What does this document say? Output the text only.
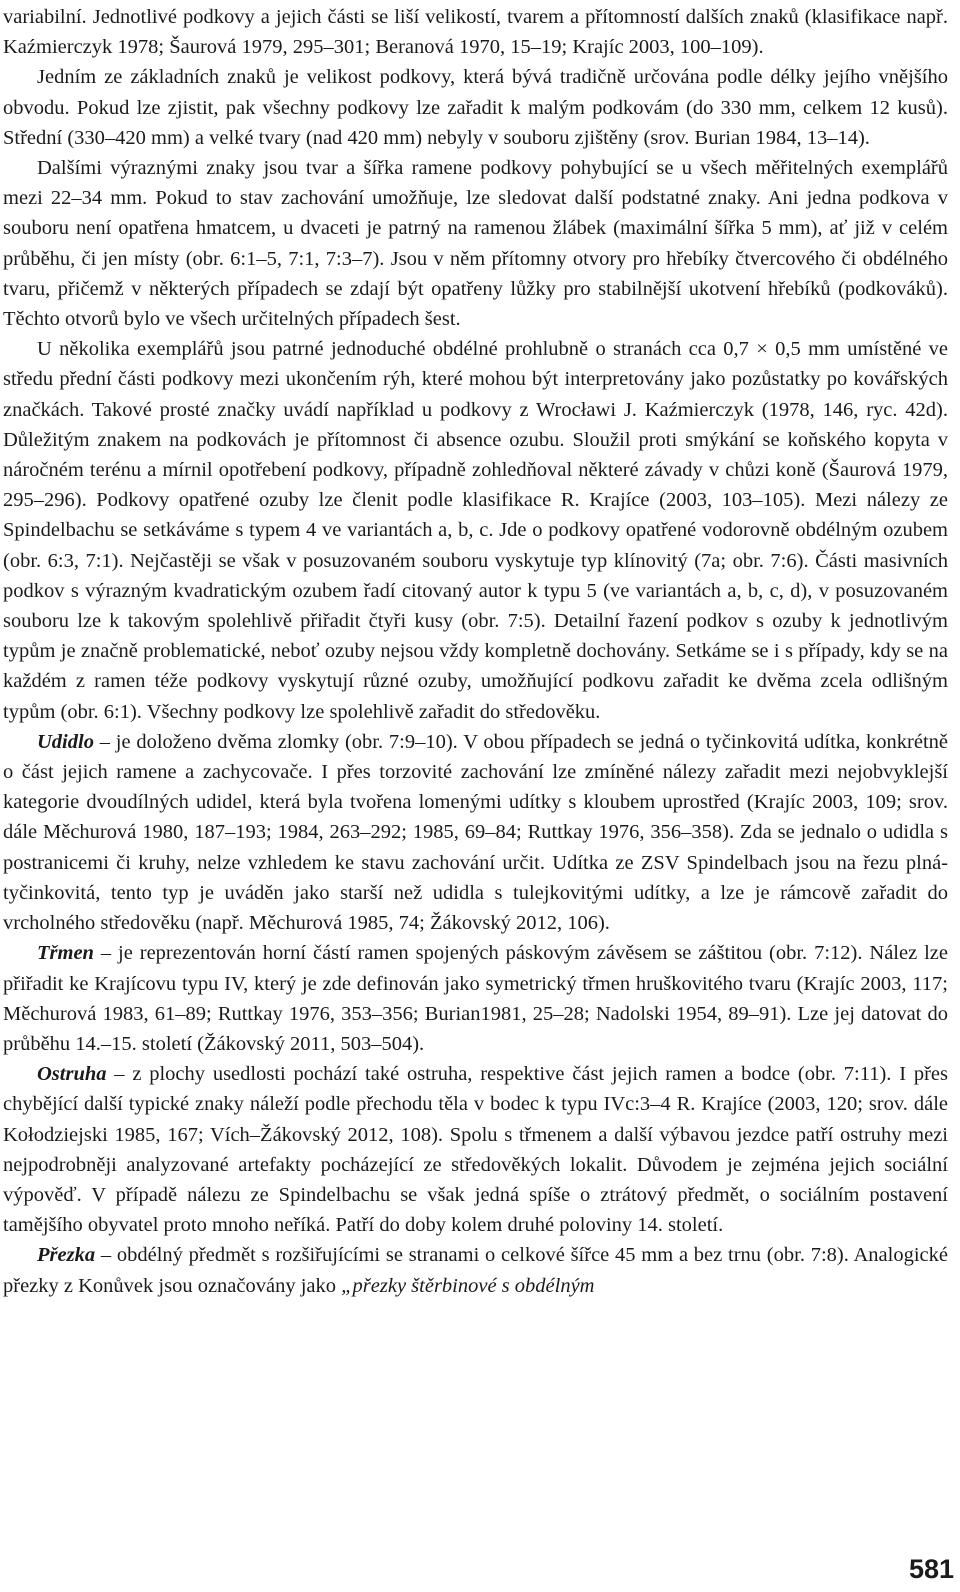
variabilní. Jednotlivé podkovy a jejich části se liší velikostí, tvarem a přítomností dalších znaků (klasifikace např. Kaźmierczyk 1978; Šaurová 1979, 295–301; Beranová 1970, 15–19; Krajíc 2003, 100–109).

Jedním ze základních znaků je velikost podkovy, která bývá tradičně určována podle délky jejího vnějšího obvodu. Pokud lze zjistit, pak všechny podkovy lze zařadit k malým podkovám (do 330 mm, celkem 12 kusů). Střední (330–420 mm) a velké tvary (nad 420 mm) nebyly v souboru zjištěny (srov. Burian 1984, 13–14).

Dalšími výraznými znaky jsou tvar a šířka ramene podkovy pohybující se u všech měřitelných exemplářů mezi 22–34 mm. Pokud to stav zachování umožňuje, lze sledovat další podstatné znaky. Ani jedna podkova v souboru není opatřena hmatcem, u dvaceti je patrný na ramenou žlábek (maximální šířka 5 mm), ať již v celém průběhu, či jen místy (obr. 6:1–5, 7:1, 7:3–7). Jsou v něm přítomny otvory pro hřebíky čtvercového či obdélného tvaru, přičemž v některých případech se zdají být opatřeny lůžky pro stabilnější ukotvení hřebíků (podkováků). Těchto otvorů bylo ve všech určitelných případech šest.

U několika exemplářů jsou patrné jednoduché obdélné prohlubně o stranách cca 0,7 × 0,5 mm umístěné ve středu přední části podkovy mezi ukončením rýh, které mohou být interpretovány jako pozůstatky po kovářských značkách. Takové prosté značky uvádí například u podkovy z Wrocławi J. Kaźmierczyk (1978, 146, ryc. 42d). Důležitým znakem na podkovách je přítomnost či absence ozubu. Sloužil proti smýkání se koňského kopyta v náročném terénu a mírnil opotřebení podkovy, případně zohledňoval některé závady v chůzi koně (Šaurová 1979, 295–296). Podkovy opatřené ozuby lze členit podle klasifikace R. Krajíce (2003, 103–105). Mezi nálezy ze Spindelbachu se setkáváme s typem 4 ve variantách a, b, c. Jde o podkovy opatřené vodorovně obdélným ozubem (obr. 6:3, 7:1). Nejčastěji se však v posuzovaném souboru vyskytuje typ klínovitý (7a; obr. 7:6). Části masivních podkov s výrazným kvadratickým ozubem řadí citovaný autor k typu 5 (ve variantách a, b, c, d), v posuzovaném souboru lze k takovým spolehlivě přiřadit čtyři kusy (obr. 7:5). Detailní řazení podkov s ozuby k jednotlivým typům je značně problematické, neboť ozuby nejsou vždy kompletně dochovány. Setkáme se i s případy, kdy se na každém z ramen téže podkovy vyskytují různé ozuby, umožňující podkovu zařadit ke dvěma zcela odlišným typům (obr. 6:1). Všechny podkovy lze spolehlivě zařadit do středověku.

Udidlo – je doloženo dvěma zlomky (obr. 7:9–10). V obou případech se jedná o tyčinkovitá udítka, konkrétně o část jejich ramene a zachycovače. I přes torzovité zachování lze zmíněné nálezy zařadit mezi nejobvyklejší kategorie dvoudílných udidel, která byla tvořena lomenými udítky s kloubem uprostřed (Krajíc 2003, 109; srov. dále Měchurová 1980, 187–193; 1984, 263–292; 1985, 69–84; Ruttkay 1976, 356–358). Zda se jednalo o udidla s postranicemi či kruhy, nelze vzhledem ke stavu zachování určit. Udítka ze ZSV Spindelbach jsou na řezu plná-tyčinkovitá, tento typ je uváděn jako starší než udidla s tulejkovitými udítky, a lze je rámcově zařadit do vrcholného středověku (např. Měchurová 1985, 74; Žákovský 2012, 106).

Třmen – je reprezentován horní částí ramen spojených páskovým závěsem se záštitou (obr. 7:12). Nález lze přiřadit ke Krajícovu typu IV, který je zde definován jako symetrický třmen hruškovitého tvaru (Krajíc 2003, 117; Měchurová 1983, 61–89; Ruttkay 1976, 353–356; Burian1981, 25–28; Nadolski 1954, 89–91). Lze jej datovat do průběhu 14.–15. století (Žákovský 2011, 503–504).

Ostruha – z plochy usedlosti pochází také ostruha, respektive část jejich ramen a bodce (obr. 7:11). I přes chybějící další typické znaky náleží podle přechodu těla v bodec k typu IVc:3–4 R. Krajíce (2003, 120; srov. dále Kołodziejski 1985, 167; Vích–Žákovský 2012, 108). Spolu s třmenem a další výbavou jezdce patří ostruhy mezi nejpodrobněji analyzované artefakty pocházející ze středověkých lokalit. Důvodem je zejména jejich sociální výpověď. V případě nálezu ze Spindelbachu se však jedná spíše o ztrátový předmět, o sociálním postavení tamějšího obyvatel proto mnoho neříká. Patří do doby kolem druhé poloviny 14. století.

Přezka – obdélný předmět s rozšiřujícími se stranami o celkové šířce 45 mm a bez trnu (obr. 7:8). Analogické přezky z Konůvek jsou označovány jako „přezky štěrbinové s obdélným

581
